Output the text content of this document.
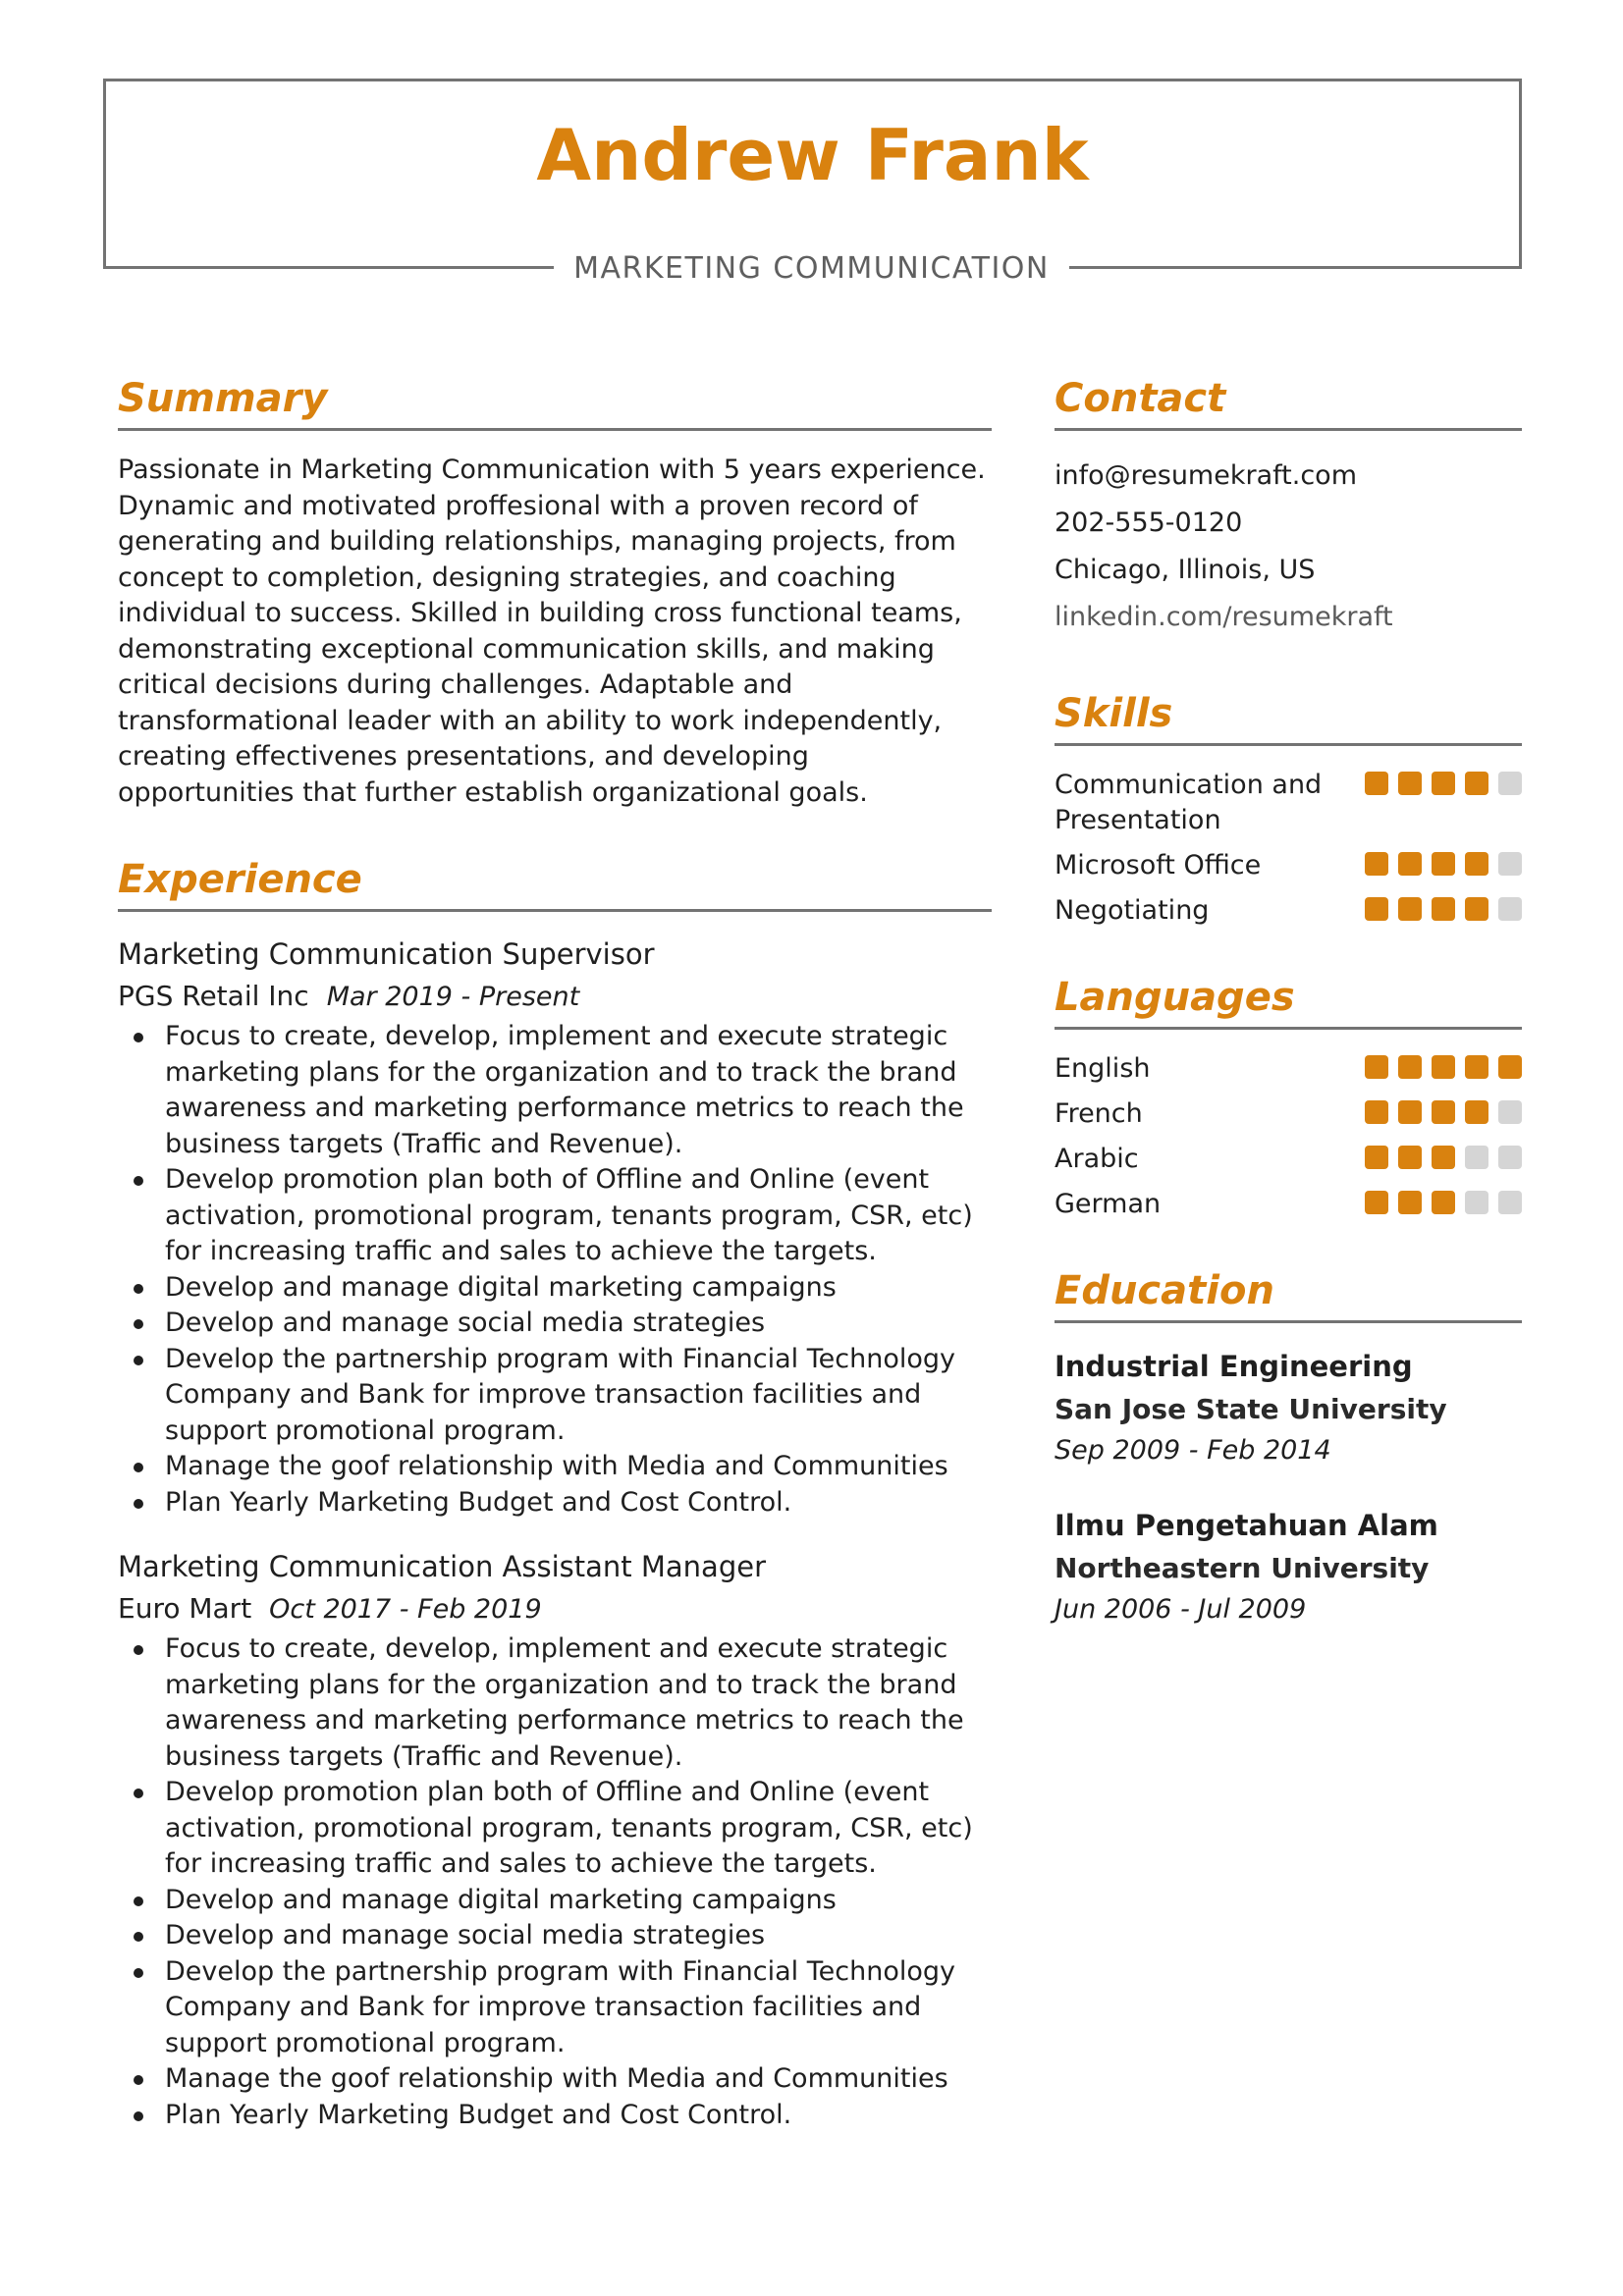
Andrew Frank
MARKETING COMMUNICATION
Summary

Passionate in Marketing Communication with 5 years experience. Dynamic and motivated proffesional with a proven record of generating and building relationships, managing projects, from concept to completion, designing strategies, and coaching individual to success. Skilled in building cross functional teams, demonstrating exceptional communication skills, and making critical decisions during challenges. Adaptable and transformational leader with an ability to work independently, creating effectivenes presentations, and developing opportunities that further establish organizational goals.

Experience

Marketing Communication Supervisor

PGS Retail Inc Mar 2019 - Present

Focus to create, develop, implement and execute strategic marketing plans for the organization and to track the brand awareness and marketing performance metrics to reach the business targets (Traffic and Revenue).
Develop promotion plan both of Offline and Online (event activation, promotional program, tenants program, CSR, etc) for increasing traffic and sales to achieve the targets.
Develop and manage digital marketing campaigns
Develop and manage social media strategies
Develop the partnership program with Financial Technology Company and Bank for improve transaction facilities and support promotional program.
Manage the goof relationship with Media and Communities
Plan Yearly Marketing Budget and Cost Control.

Marketing Communication Assistant Manager

Euro Mart Oct 2017 - Feb 2019

Focus to create, develop, implement and execute strategic marketing plans for the organization and to track the brand awareness and marketing performance metrics to reach the business targets (Traffic and Revenue).
Develop promotion plan both of Offline and Online (event activation, promotional program, tenants program, CSR, etc) for increasing traffic and sales to achieve the targets.
Develop and manage digital marketing campaigns
Develop and manage social media strategies
Develop the partnership program with Financial Technology Company and Bank for improve transaction facilities and support promotional program.
Manage the goof relationship with Media and Communities
Plan Yearly Marketing Budget and Cost Control.
Contact

info@resumekraft.com

202-555-0120

Chicago, Illinois, US

linkedin.com/resumekraft

Skills
Communication and Presentation
Microsoft Office
Negotiating
Languages
English
French
Arabic
German
Education

Industrial Engineering

San Jose State University

Sep 2009 - Feb 2014

Ilmu Pengetahuan Alam

Northeastern University

Jun 2006 - Jul 2009
